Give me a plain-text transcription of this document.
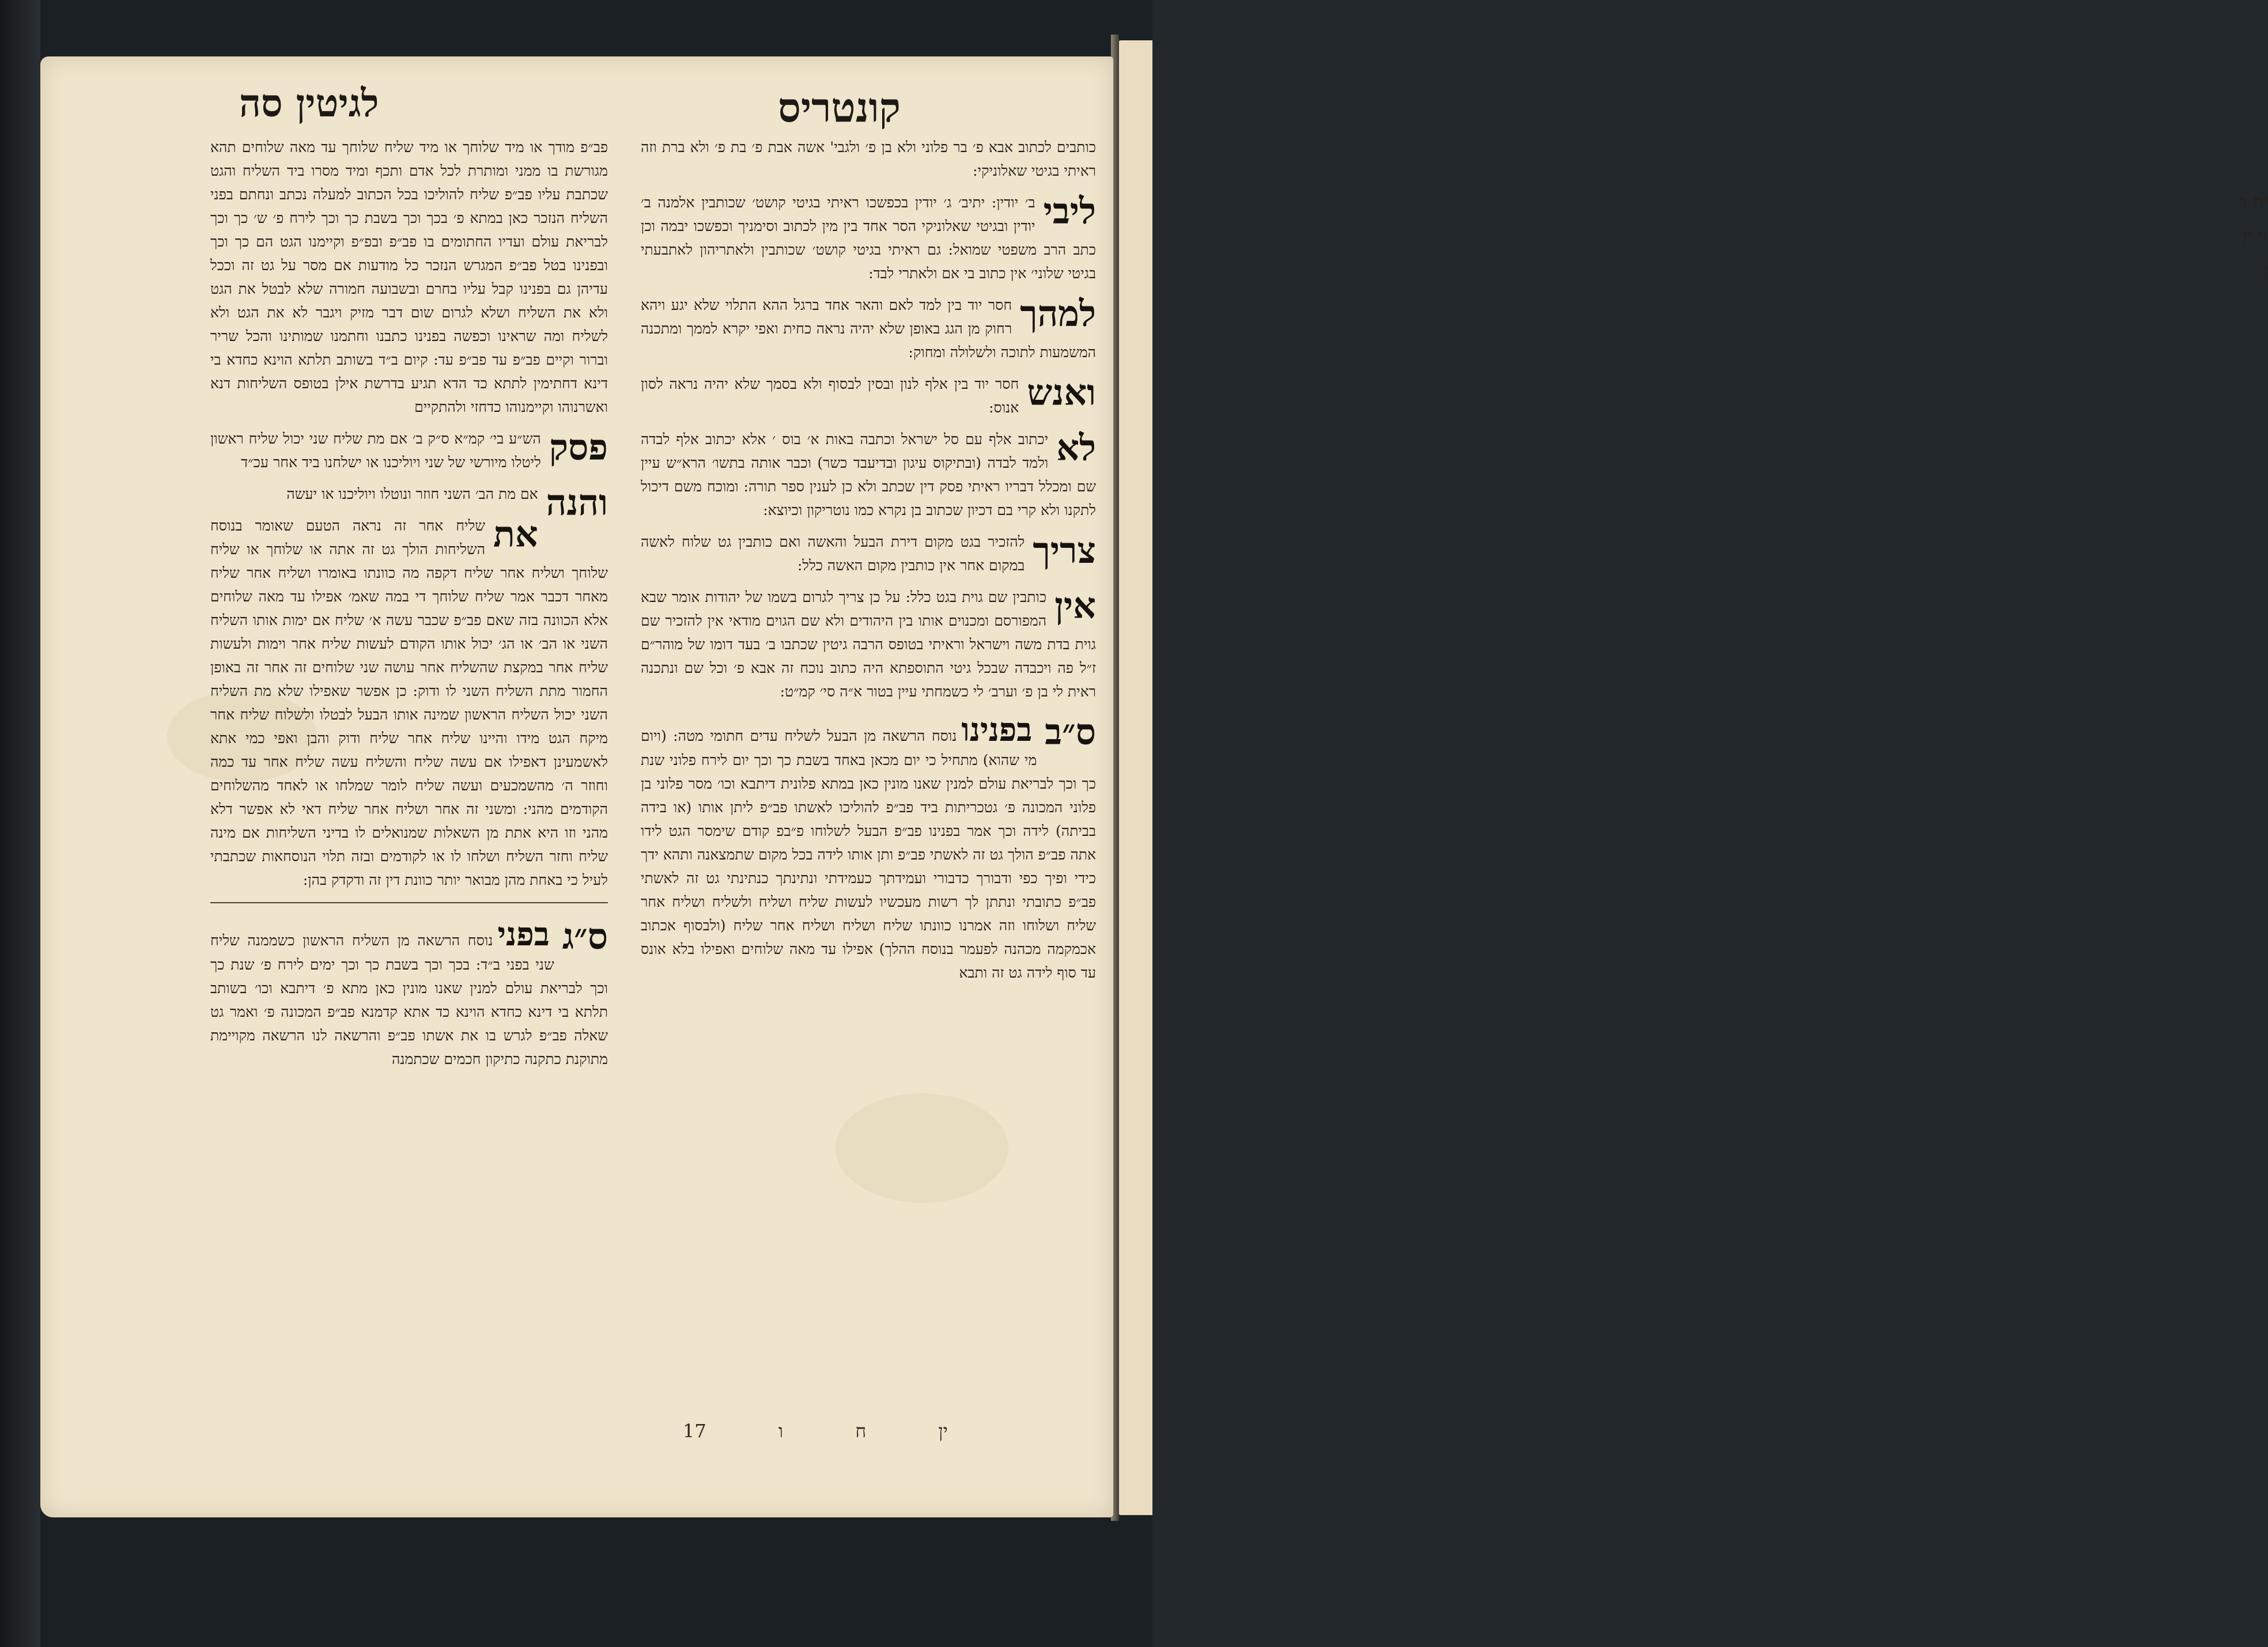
ית ר ני ין ן
קונטריס
לגיטין סה
כותבים לכתוב אבא פ׳ בר פלוני ולא בן פ׳ ולגבי' אשה אבת פ׳ בת פ׳ ולא ברת וזה ראיתי בגיטי שאלוניקי:
ליבי
ב׳ יודין: יתיב׳ ג׳ יודין בכפשכו ראיתי בגיטי קושט׳ שכותבין אלמנה ב׳ יודין ובגיטי שאלוניקי הסר אחד בין מין לכתוב וסימניך וכפשכו יבמה וכן כתב הרב משפטי שמואל: גם ראיתי בגיטי קושט׳ שכותבין ולאתריהון לאתבעתי בגיטי שלוני׳ אין כתוב בי אם ולאתרי לבד:
למהך
חסר יוד בין למד לאם והאר אחד ברגל ההא התלוי שלא יגע ויהא רחוק מן הגג באופן שלא יהיה נראה כחית ואפי יקרא לממך ומתכנה המשמעות לתוכה ולשלולה ומחוק:
ואנש
חסר יוד בין אלף לנון ובסין לבסוף ולא בסמך שלא יהיה נראה לסון אנוס:
לא
יכתוב אלף עם סל ישראל וכתבה באות א׳ בוס ׳ אלא יכתוב אלף לבדה ולמד לבדה (ובתיקוס עיגון ובדיעבד כשר) וכבר אותה בתשו׳ הרא״ש עיין שם ומכלל דבריו ראיתי פסק דין שכתב ולא כן לענין ספר תורה: ומוכח משם דיכול לתקנו ולא קרי בם דכיון שכתוב בן נקרא כמו נוטריקון וכיוצא:
צריך
להזכיר בגט מקום דירת הבעל והאשה ואם כותבין גט שלוח לאשה במקום אחר אין כותבין מקום האשה כלל:
אין
כותבין שם גוית בגט כלל: על כן צריך לגרום בשמו של יהודות אומר שבא המפורסם ומכנוים אותו בין היהודים ולא שם הגוים מודאי אין להזכיר שם גוית בדת משה וישראל וראיתי בטופס הרבה גיטין שכתבו ב׳ בעד דומו של מוהר״ם ז״ל פה ויכבדה שבכל גיטי התוספתא היה כתוב נוכח זה אבא פ׳ וכל שם ונתכנה ראית לי בן פ׳ וערב׳ לי כשמחתי עיין בטור א״ה סי׳ קמ״ט:
ס״ב
בפנינונוסח הרשאה מן הבעל לשליח עדים חתומי מטה: (ויום מי שהוא) מתחיל כי יום מכאן באחד בשבת כך וכך יום לירח פלוני שנת כך וכך לבריאת עולם למנין שאנו מונין כאן במתא פלונית דיתבא וכו׳ מסר פלוני בן פלוני המכונה פ׳ גטכריתות ביד פב״פ להוליכו לאשתו פב״פ ליתן אותו (או בידה בביתה) לידה וכך אמר בפנינו פב״פ הבעל לשלוחו פ״בפ קודם שימסר הגט לידו אתה פב״פ הולך גט זה לאשתי פב״פ ותן אותו לידה בכל מקום שתמצאנה ותהא ידך כידי ופיך כפי ודבורך כדבורי ועמידתך כעמידתי ונתינתך כנתינתי גט זה לאשתי פב״פ כתובתי ונתתן לך רשות מעכשיו לעשות שליח ושליח ולשליח ושליח אחר שליח ושלוחו וזה אמרנו כוונתו שליח ושליח ושליח אחר שליח (ולבסוף אכתוב אכמקמה מכהנה לפעמר בנוסח ההלך) אפילו עד מאה שלוחים ואפילו בלא אונס עד סוף לידה גט זה ותבא
פב״פ מודך או מיד שלוחך או מיד שליח שלוחך עד מאה שלוחים תהא מגורשת בו ממני ומותרת לכל אדם ותכף ומיד מסרו ביד השליח והגט שכתבת עליו פב״פ שליח להוליכו בכל הכתוב למעלה נכתב ונחתם בפני השליח הנזכר כאן במתא פ׳ בכך וכך בשבת כך וכך לירח פ׳ ש׳ כך וכך לבריאת עולם ועדיו החתומים בו פב״פ ובפ״פ וקיימנו הגט הם כך וכך ובפנינו בטל פב״פ המגרש הנזכר כל מודעות אם מסר על גט זה וככל עדיהן גם בפנינו קבל עליו בחרם ובשבועה חמורה שלא לבטל את הגט ולא את השליח ושלא לגרום שום דבר מזיק ויגבר לא את הגט ולא לשליח ומה שראינו וכפשה בפנינו כתבנו וחתמנו שמותינו והכל שריר וברור וקיים פב״פ עד פב״פ עד: קיום ב״ד בשותב תלתא הוינא כחדא בי דינא דחתימין לתתא כד הדא תגיע בדרשת אילן בטופס השליחות דנא ואשרנוהו וקיימנוהו כדחזי ולהתקיים
פסק
הש״ע בי׳ קמ״א ס״ק ב׳ אם מת שליח שני יכול שליח ראשון ליטלו מיורשי של שני ויוליכנו או ישלחנו ביד אחר עכ״ד
והנה
אם מת הב׳ השני חוזר ונוטלו ויוליכנו או יעשה
את
שליח אחר זה נראה הטעם שאומר בנוסח השליחות הולך גט זה אתה או שלוחך או שליח שלוחך ושליח אחר שליח דקפה מה כוונתו באומרו ושליח אחר שליח מאחר דכבר אמר שליח שלוחך די במה שאמ׳ אפילו עד מאה שלוחים אלא הכוונה בזה שאם פב״פ שכבר עשה א׳ שליח אם ימות אותו השליח השני או הב׳ או הג׳ יכול אותו הקודם לעשות שליח אחר וימות ולעשות שליח אחר במקצת שהשליח אחר עושה שני שלוחים זה אחר זה באופן החמור מתת השליח השני לו ודוק: כן אפשר שאפילו שלא מת השליח השני יכול השליח הראשון שמינה אותו הבעל לבטלו ולשלוח שליח אחר מיקח הגט מידו והיינו שליח אחר שליח ודוק והבן ואפי כמי אתא לאשמעינן דאפילו אם עשה שליח והשליח עשה שליח אחר עד כמה וחוזר ה׳ מהשמכעים ועשה שליח לומר שמלחו או לאחד מהשלוחים הקודמים מהני: ומשני זה אחר ושליח אחר שליח דאי לא אפשר דלא מהני וזו היא אתת מן השאלות שמנואלים לו בדיני השליחות אם מינה שליח וחזר השליח ושלחו לו או לקודמים ובזה תלוי הנוסחאות שכתבתי לעיל כי באחת מהן מבואר יותר כוונת דין זה ודקדק בהן:
ס״ג
בפנינוסח הרשאה מן השליח הראשון כשממנה שליח שני בפני ב״ד: בכך וכך בשבת כך וכך ימים לירח פ׳ שנת כך וכך לבריאת עולם למנין שאנו מונין כאן מתא פ׳ דיתבא וכו׳ בשותב תלתא בי דינא כחדא הוינא כד אתא קדמנא פב״פ המכונה פ׳ ואמר גט שאלה פב״פ לגרש בו את אשתו פב״פ והרשאה לנו הרשאה מקויימת מתוקנת כתקנה כתיקון חכמים שכתמנה
17	ו	ח	ין
